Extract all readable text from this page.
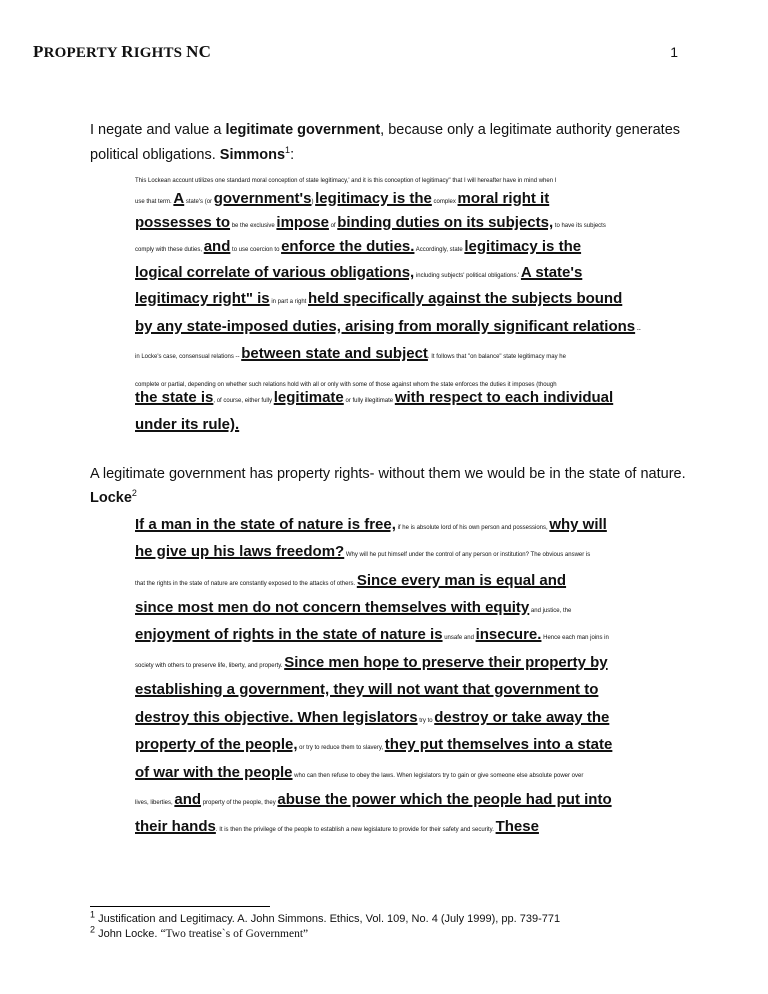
PROPERTY RIGHTS NC	1
I negate and value a legitimate government, because only a legitimate authority generates political obligations. Simmons$^1$:
This Lockean account utilizes one standard moral conception of state legitimacy,' and it is this conception of legitimacy" that I will hereafter have in mind when I
use that term. A state's (or government's) legitimacy is the complex moral right it
possesses to be the exclusive impose of binding duties on its subjects, to have its subjects
comply with these duties, and to use coercion to enforce the duties. Accordingly, state legitimacy is the
logical correlate of various obligations, including subjects' political obligations.' A state's
legitimacy right" is in part a right held specifically against the subjects bound
by any state-imposed duties, arising from morally significant relations --
in Locke's case, consensual relations -- between state and subject. It follows that "on balance" state legitimacy may he
complete or partial, depending on whether such relations hold with all or only with some of those against whom the state enforces the duties it imposes (though
the state is, of course, either fully legitimate or fully illegitimate with respect to each individual
under its rule).
A legitimate government has property rights- without them we would be in the state of nature.
Locke$^2$
If a man in the state of nature is free, if he is absolute lord of his own person and possessions, why will
he give up his laws freedom? Why will he put himself under the control of any person or institution? The obvious answer is
that the rights in the state of nature are constantly exposed to the attacks of others. Since every man is equal and
since most men do not concern themselves with equity and justice, the
enjoyment of rights in the state of nature is unsafe and insecure. Hence each man joins in
society with others to preserve life, liberty, and property. Since men hope to preserve their property by
establishing a government, they will not want that government to
destroy this objective. When legislators try to destroy or take away the
property of the people, or try to reduce them to slavery, they put themselves into a state
of war with the people who can then refuse to obey the laws. When legislators try to gain or give someone else absolute power over
lives, liberties, and property of the people, they abuse the power which the people had put into
their hands. It is then the privilege of the people to establish a new legislature to provide for their safety and security. These
$^1$ Justification and Legitimacy. A. John Simmons. Ethics, Vol. 109, No. 4 (July 1999), pp. 739-771
$^2$ John Locke. “Two treatise`s of Government”
